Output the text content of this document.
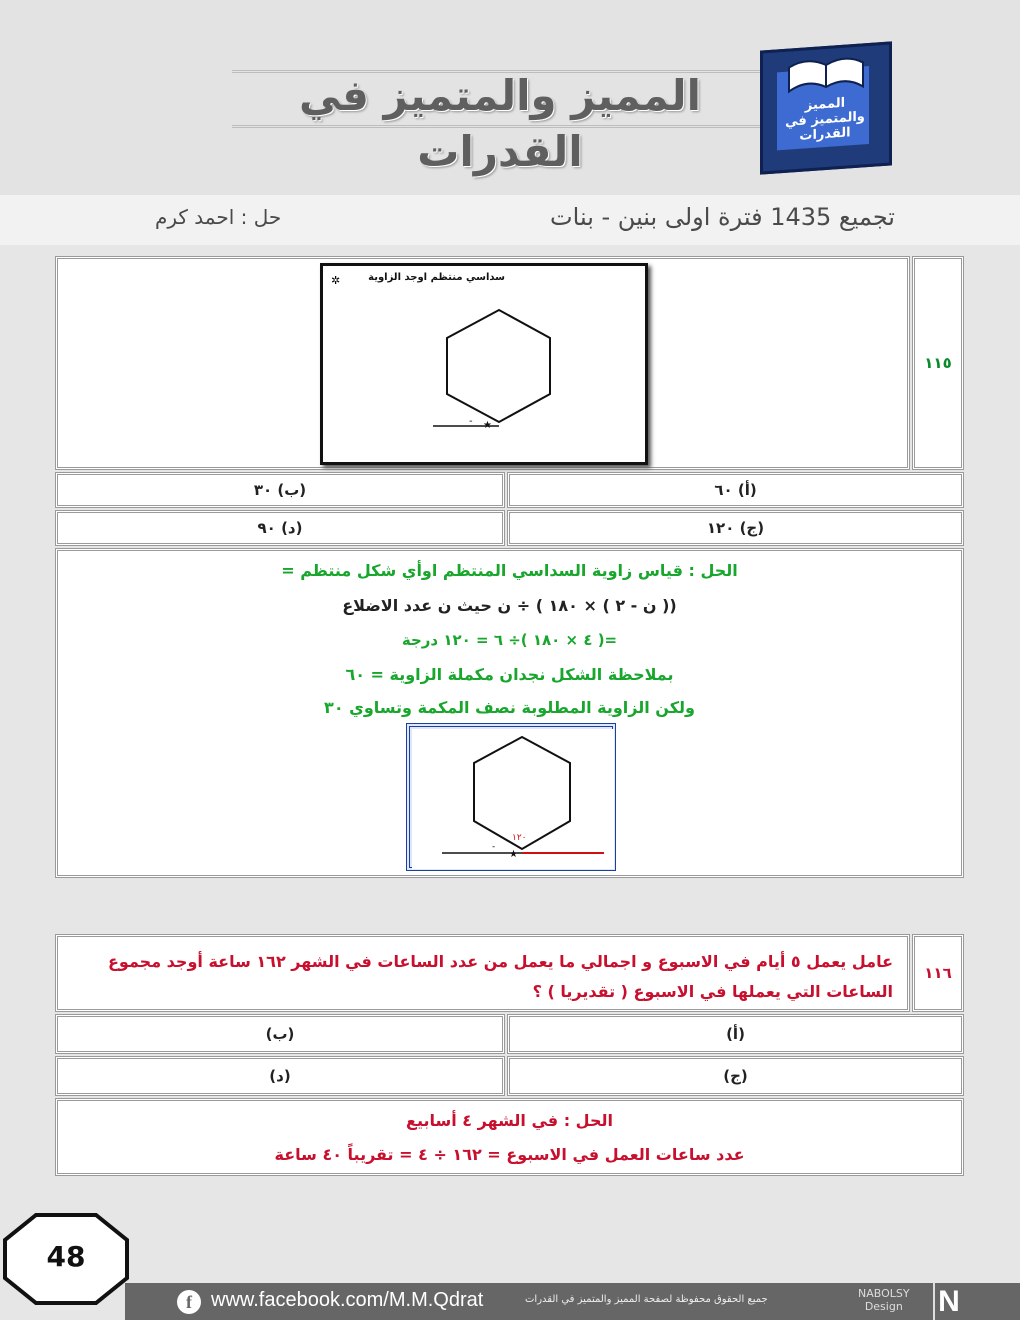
المميز والمتميز في القدرات
المميز والمتميز في القدرات
تجميع 1435 فترة اولى بنين - بنات
حل : احمد كرم
سداسي منتظم اوجد الزاوية
✲
- ★
١١٥
(ب) ٣٠	(أ) ٦٠
(د) ٩٠	(ج) ١٢٠
الحل : قياس زاوية السداسي المنتظم اوأي شكل منتظم =
(( ن - ٢ ) × ١٨٠ ) ÷ ن حيث ن عدد الاضلاع
=( ٤ × ١٨٠ )÷ ٦ = ١٢٠ درجة
بملاحظة الشكل نجدان مكملة الزاوية = ٦٠
ولكن الزاوية المطلوبة نصف المكمة وتساوي ٣٠
-
★
١٢٠
عامل يعمل ٥ أيام في الاسبوع و اجمالي ما يعمل من عدد الساعات في الشهر ١٦٢ ساعة أوجد مجموع الساعات التي يعملها في الاسبوع ( تقديريا ) ؟
١١٦
(ب)	(أ)
(د)	(ج)
الحل : في الشهر ٤ أسابيع
عدد ساعات العمل في الاسبوع = ١٦٢ ÷ ٤ = تقريباً ٤٠ ساعة
48
f www.facebook.com/M.M.Qdrat	جميع الحقوق محفوظة لصفحة المميز والمتميز في القدرات	NABOLSY
Design N
